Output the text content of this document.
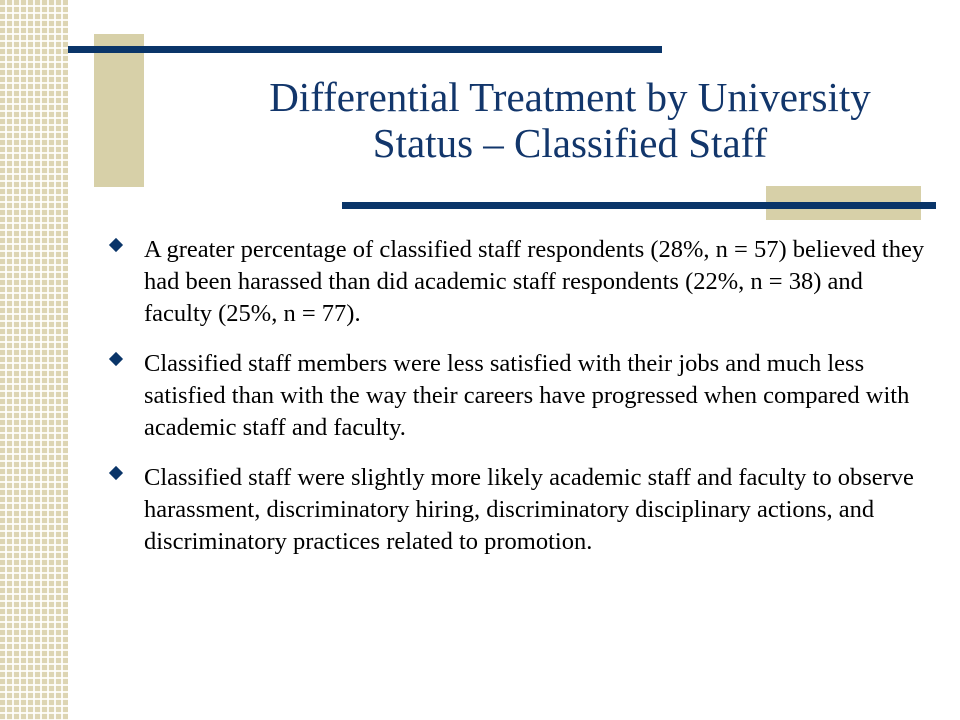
Differential Treatment by University
Status – Classified Staff
A greater percentage of classified staff respondents (28%, n = 57) believed they had been harassed than did academic staff respondents (22%, n = 38) and faculty (25%, n = 77).
Classified staff members were less satisfied with their jobs and much less satisfied than with the way their careers have progressed when compared with academic staff and faculty.
Classified staff were slightly more likely academic staff and faculty to observe harassment, discriminatory hiring, discriminatory disciplinary actions, and discriminatory practices related to promotion.
